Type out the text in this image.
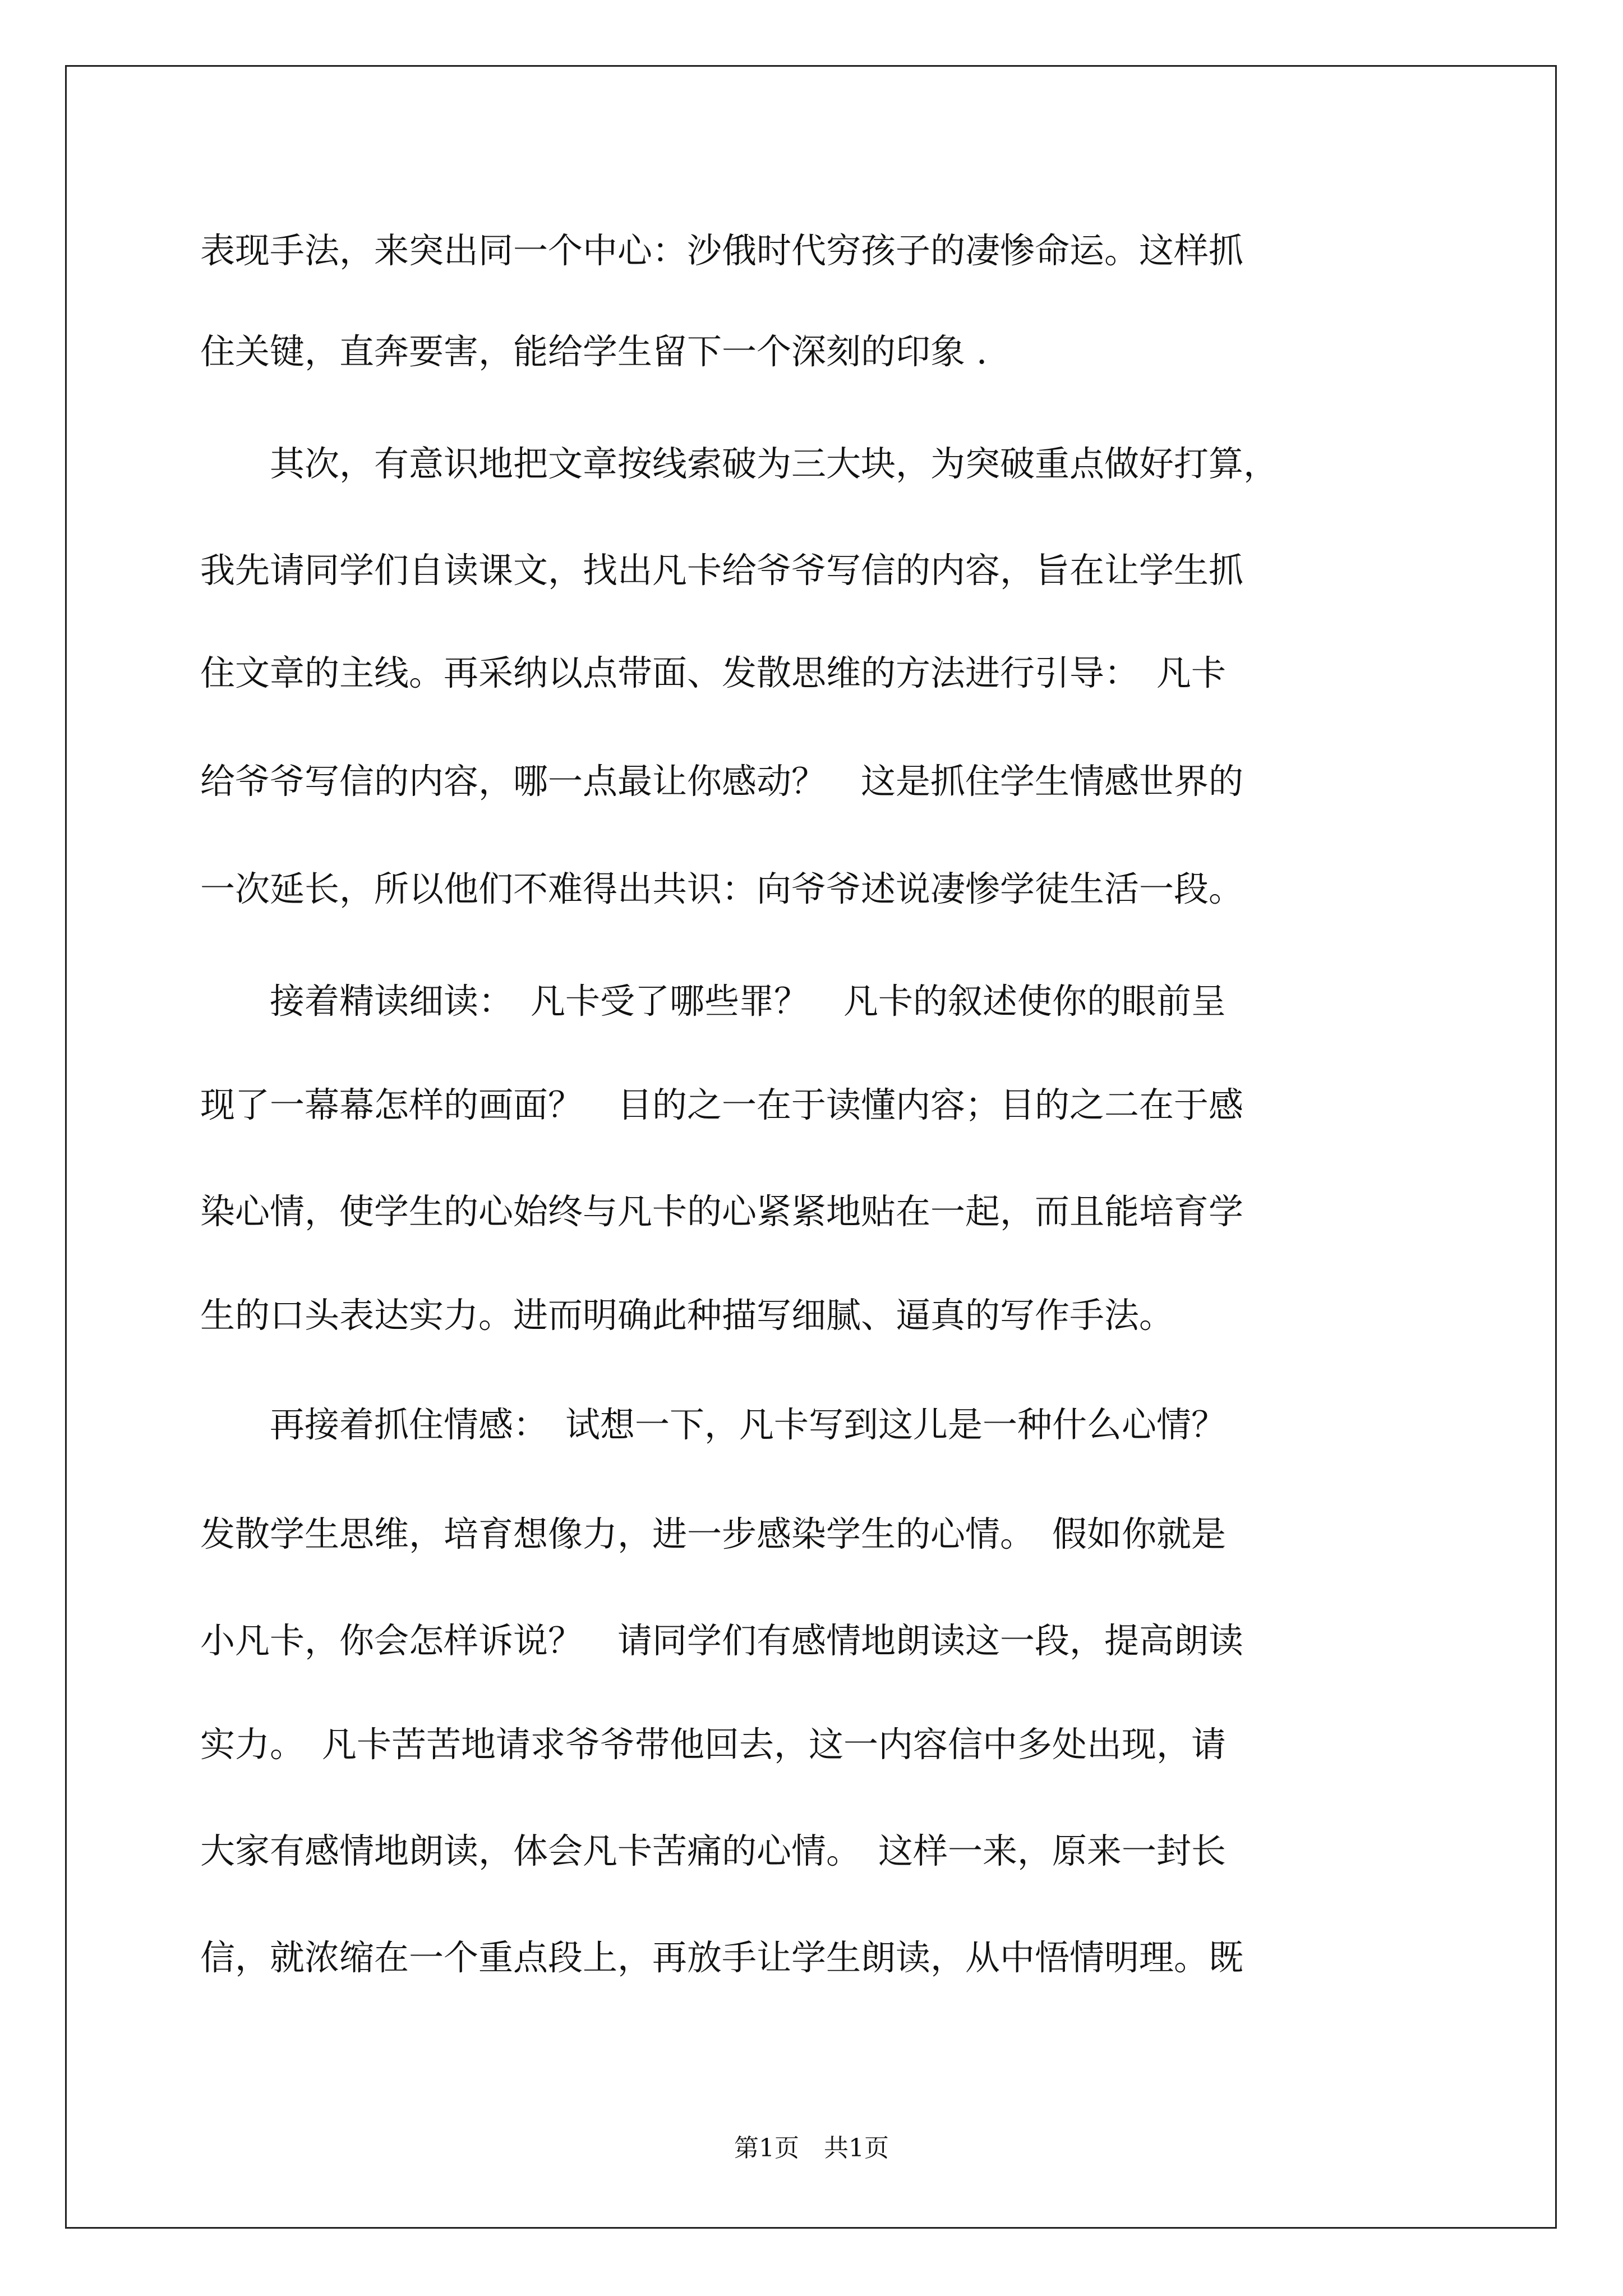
表现手法，来突出同一个中心：沙俄时代穷孩子的凄惨命运。这样抓
住关键，直奔要害，能给学生留下一个深刻的印象 .
　　其次，有意识地把文章按线索破为三大块，为突破重点做好打算，
我先请同学们自读课文，找出凡卡给爷爷写信的内容，旨在让学生抓
住文章的主线。再采纳以点带面、发散思维的方法进行引导：　凡卡
给爷爷写信的内容，哪一点最让你感动？　这是抓住学生情感世界的
一次延长，所以他们不难得出共识：向爷爷述说凄惨学徒生活一段。
　　接着精读细读：　凡卡受了哪些罪？　凡卡的叙述使你的眼前呈
现了一幕幕怎样的画面？　目的之一在于读懂内容；目的之二在于感
染心情，使学生的心始终与凡卡的心紧紧地贴在一起，而且能培育学
生的口头表达实力。进而明确此种描写细腻、逼真的写作手法。
　　再接着抓住情感：　试想一下，凡卡写到这儿是一种什么心情？
发散学生思维，培育想像力，进一步感染学生的心情。　假如你就是
小凡卡，你会怎样诉说？　请同学们有感情地朗读这一段，提高朗读
实力。　凡卡苦苦地请求爷爷带他回去，这一内容信中多处出现，请
大家有感情地朗读，体会凡卡苦痛的心情。　这样一来，原来一封长
信，就浓缩在一个重点段上，再放手让学生朗读，从中悟情明理。既
第1页　共1页
